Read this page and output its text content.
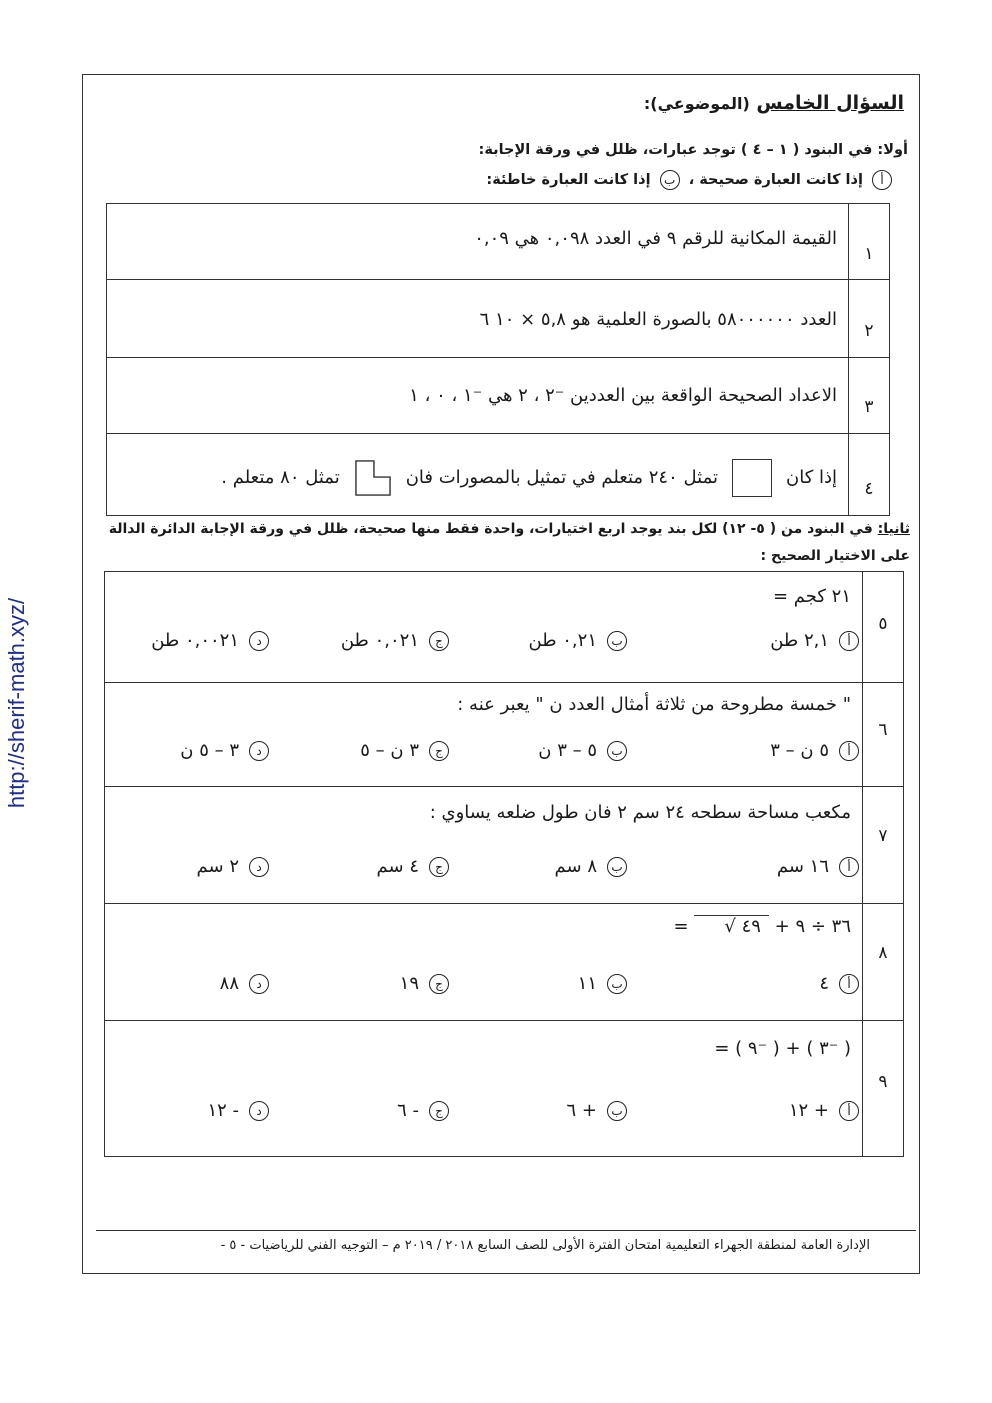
http://sherif-math.xyz/
السؤال الخامس (الموضوعي):
أولا: في البنود ( ١ – ٤ ) توجد عبارات، ظلل في ورقة الإجابة:
أ إذا كانت العبارة صحيحة ، ب إذا كانت العبارة خاطئة:
١
القيمة المكانية للرقم ٩ في العدد ٠,٠٩٨ هي ٠,٠٩
٢
العدد ٥٨٠٠٠٠٠٠ بالصورة العلمية هو ٥,٨ × ١٠ ٦
٣
الاعداد الصحيحة الواقعة بين العددين ⁻٢ ، ٢ هي ⁻١ ، ٠ ، ١
٤
إذا كانتمثل ٢٤٠ متعلم في تمثيل بالمصورات فانتمثل ٨٠ متعلم .
ثانيا: في البنود من ( ٥- ١٢) لكل بند يوجد اربع اختيارات، واحدة فقط منها صحيحة، ظلل في ورقة الإجابة الدائرة الدالة
على الاختيار الصحيح :
٥
٢١ كجم =
أ٢,١ طن
ب٠,٢١ طن
ج٠,٠٢١ طن
د٠,٠٠٢١ طن
٦
" خمسة مطروحة من ثلاثة أمثال العدد ن " يعبر عنه :
أ٥ ن – ٣
ب٥ – ٣ ن
ج٣ ن – ٥
د٣ – ٥ ن
٧
مكعب مساحة سطحه ٢٤ سم ٢ فان طول ضلعه يساوي :
أ١٦ سم
ب٨ سم
ج٤ سم
د٢ سم
٨
٣٦ ÷ ٩ + ٤٩ √ =
أ٤
ب١١
ج١٩
د٨٨
٩
( ⁻٣ ) + ( ⁻٩ ) =
أ+ ١٢
ب+ ٦
ج- ٦
د- ١٢
الإدارة العامة لمنطقة الجهراء التعليمية امتحان الفترة الأولى للصف السابع ٢٠١٨ / ٢٠١٩ م – التوجيه الفني للرياضيات - ٥ -
